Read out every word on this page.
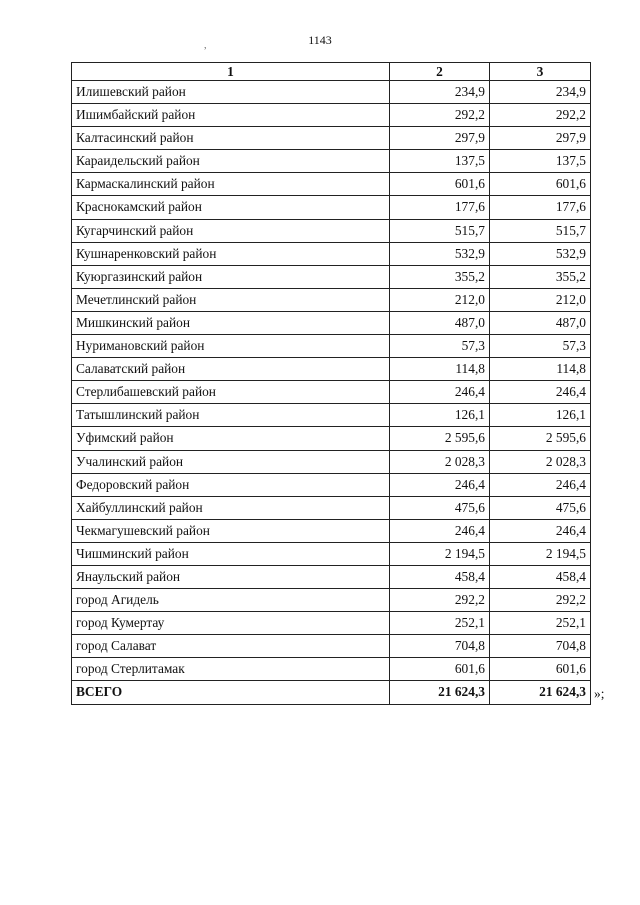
1143
,
1	2	3
Илишевский район	234,9	234,9
Ишимбайский район	292,2	292,2
Калтасинский район	297,9	297,9
Караидельский район	137,5	137,5
Кармаскалинский район	601,6	601,6
Краснокамский район	177,6	177,6
Кугарчинский район	515,7	515,7
Кушнаренковский район	532,9	532,9
Куюргазинский район	355,2	355,2
Мечетлинский район	212,0	212,0
Мишкинский район	487,0	487,0
Нуримановский район	57,3	57,3
Салаватский район	114,8	114,8
Стерлибашевский район	246,4	246,4
Татышлинский район	126,1	126,1
Уфимский район	2 595,6	2 595,6
Учалинский район	2 028,3	2 028,3
Федоровский район	246,4	246,4
Хайбуллинский район	475,6	475,6
Чекмагушевский район	246,4	246,4
Чишминский район	2 194,5	2 194,5
Янаульский район	458,4	458,4
город Агидель	292,2	292,2
город Кумертау	252,1	252,1
город Салават	704,8	704,8
город Стерлитамак	601,6	601,6
ВСЕГО	21 624,3	21 624,3 »;
